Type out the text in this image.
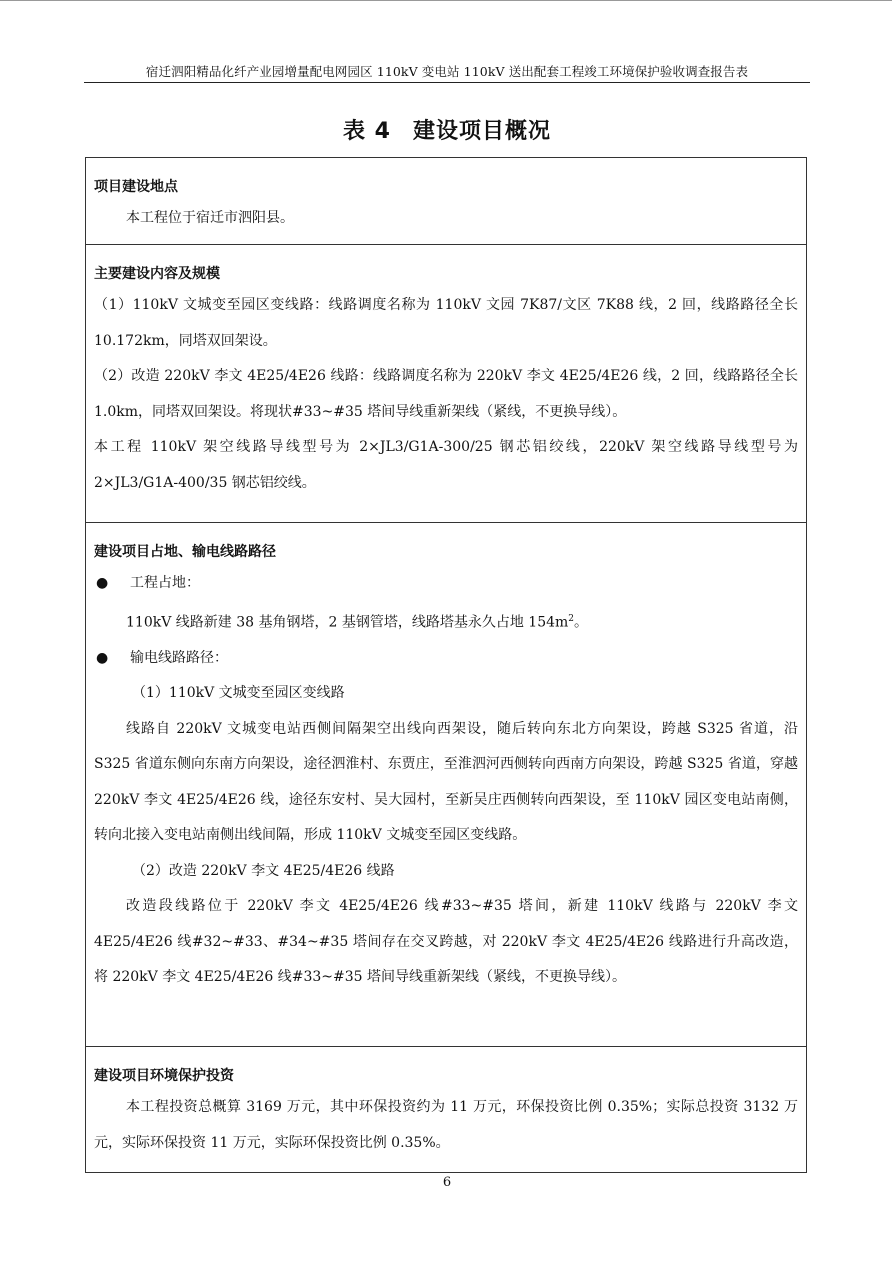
宿迁泗阳精品化纤产业园增量配电网园区 110kV 变电站 110kV 送出配套工程竣工环境保护验收调查报告表
表 4 建设项目概况
项目建设地点

本工程位于宿迁市泗阳县。

主要建设内容及规模

（1）110kV 文城变至园区变线路：线路调度名称为 110kV 文园 7K87/文区 7K88 线，2 回，线路路径全长 10.172km，同塔双回架设。

（2）改造 220kV 李文 4E25/4E26 线路：线路调度名称为 220kV 李文 4E25/4E26 线，2 回，线路路径全长 1.0km，同塔双回架设。将现状#33~#35 塔间导线重新架线（紧线，不更换导线）。

本工程 110kV 架空线路导线型号为 2×JL3/G1A-300/25 钢芯铝绞线，220kV 架空线路导线型号为 2×JL3/G1A-400/35 钢芯铝绞线。

建设项目占地、输电线路路径
●	工程占地：
110kV 线路新建 38 基角钢塔，2 基钢管塔，线路塔基永久占地 $154m^2$。
●	输电线路路径：
（1）110kV 文城变至园区变线路

线路自 220kV 文城变电站西侧间隔架空出线向西架设，随后转向东北方向架设，跨越 S325 省道，沿 S325 省道东侧向东南方向架设，途径泗淮村、东贾庄，至淮泗河西侧转向西南方向架设，跨越 S325 省道，穿越 220kV 李文 4E25/4E26 线，途径东安村、吴大园村，至新吴庄西侧转向西架设，至 110kV 园区变电站南侧，转向北接入变电站南侧出线间隔，形成 110kV 文城变至园区变线路。

（2）改造 220kV 李文 4E25/4E26 线路

改造段线路位于 220kV 李文 4E25/4E26 线#33~#35 塔间，新建 110kV 线路与 220kV 李文 4E25/4E26 线#32~#33、#34~#35 塔间存在交叉跨越，对 220kV 李文 4E25/4E26 线路进行升高改造，将 220kV 李文 4E25/4E26 线#33~#35 塔间导线重新架线（紧线，不更换导线）。

建设项目环境保护投资

本工程投资总概算 3169 万元，其中环保投资约为 11 万元，环保投资比例 0.35%；实际总投资 3132 万元，实际环保投资 11 万元，实际环保投资比例 0.35%。

6
